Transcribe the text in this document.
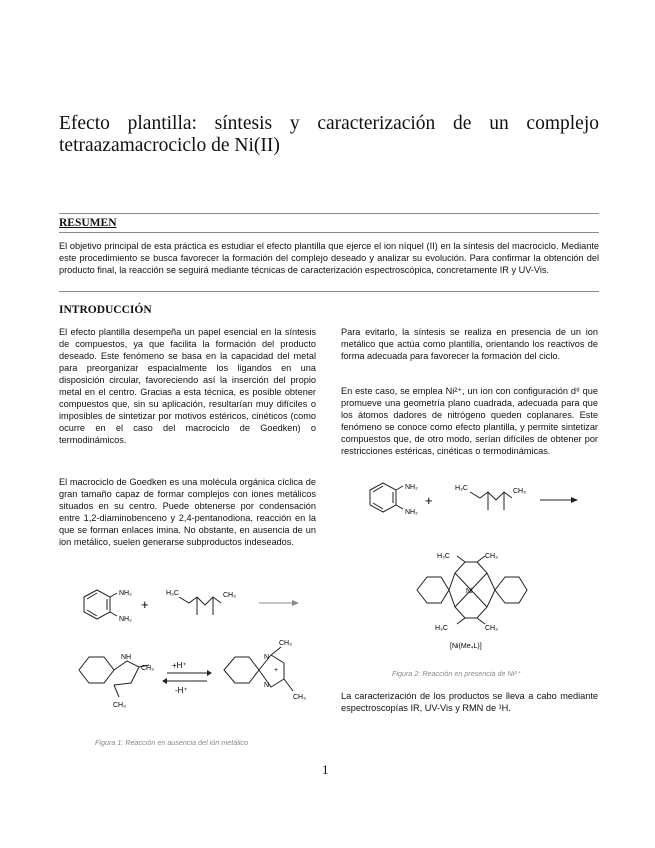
Efecto plantilla: síntesis y caracterización de un complejo tetraazamacrociclo de Ni(II)
RESUMEN
El objetivo principal de esta práctica es estudiar el efecto plantilla que ejerce el ion níquel (II) en la síntesis del macrociclo. Mediante este procedimiento se busca favorecer la formación del complejo deseado y analizar su evolución. Para confirmar la obtención del producto final, la reacción se seguirá mediante técnicas de caracterización espectroscópica, concretamente IR y UV-Vis.
INTRODUCCIÓN
El efecto plantilla desempeña un papel esencial en la síntesis de compuestos, ya que facilita la formación del producto deseado. Este fenómeno se basa en la capacidad del metal para preorganizar espacialmente los ligandos en una disposición circular, favoreciendo así la inserción del propio metal en el centro. Gracias a esta técnica, es posible obtener compuestos que, sin su aplicación, resultarían muy difíciles o imposibles de sintetizar por motivos estéricos, cinéticos (como ocurre en el caso del macrociclo de Goedken) o termodinámicos.
El macrociclo de Goedken es una molécula orgánica cíclica de gran tamaño capaz de formar complejos con iones metálicos situados en su centro. Puede obtenerse por condensación entre 1,2-diaminobenceno y 2,4-pentanodiona, reacción en la que se forman enlaces imina. No obstante, en ausencia de un ion metálico, suelen generarse subproductos indeseados.
Para evitarlo, la síntesis se realiza en presencia de un ion metálico que actúa como plantilla, orientando los reactivos de forma adecuada para favorecer la formación del ciclo.
En este caso, se emplea Ni²⁺, un ion con configuración d⁸ que promueve una geometría plano cuadrada, adecuada para que los átomos dadores de nitrógeno queden coplanares. Este fenómeno se conoce como efecto plantilla, y permite sintetizar compuestos que, de otro modo, serían difíciles de obtener por restricciones estéricas, cinéticas o termodinámicas.
La caracterización de los productos se lleva a cabo mediante espectroscopías IR, UV-Vis y RMN de ¹H.
NH₂
NH₂
+
H₃C	CH₃
NH
CH₃
CH₃
+H⁺
-H⁺
CH₃
CH₃
N
N
+
Figura 1: Reacción en ausencia del ión metálico
NH₂
NH₂
+
H₃C	CH₃
H₃C	CH₃
H₃C	CH₃
Ni
[Ni(Me₄L)]
Figura 2: Reacción en presencia de Ni²⁺
1
